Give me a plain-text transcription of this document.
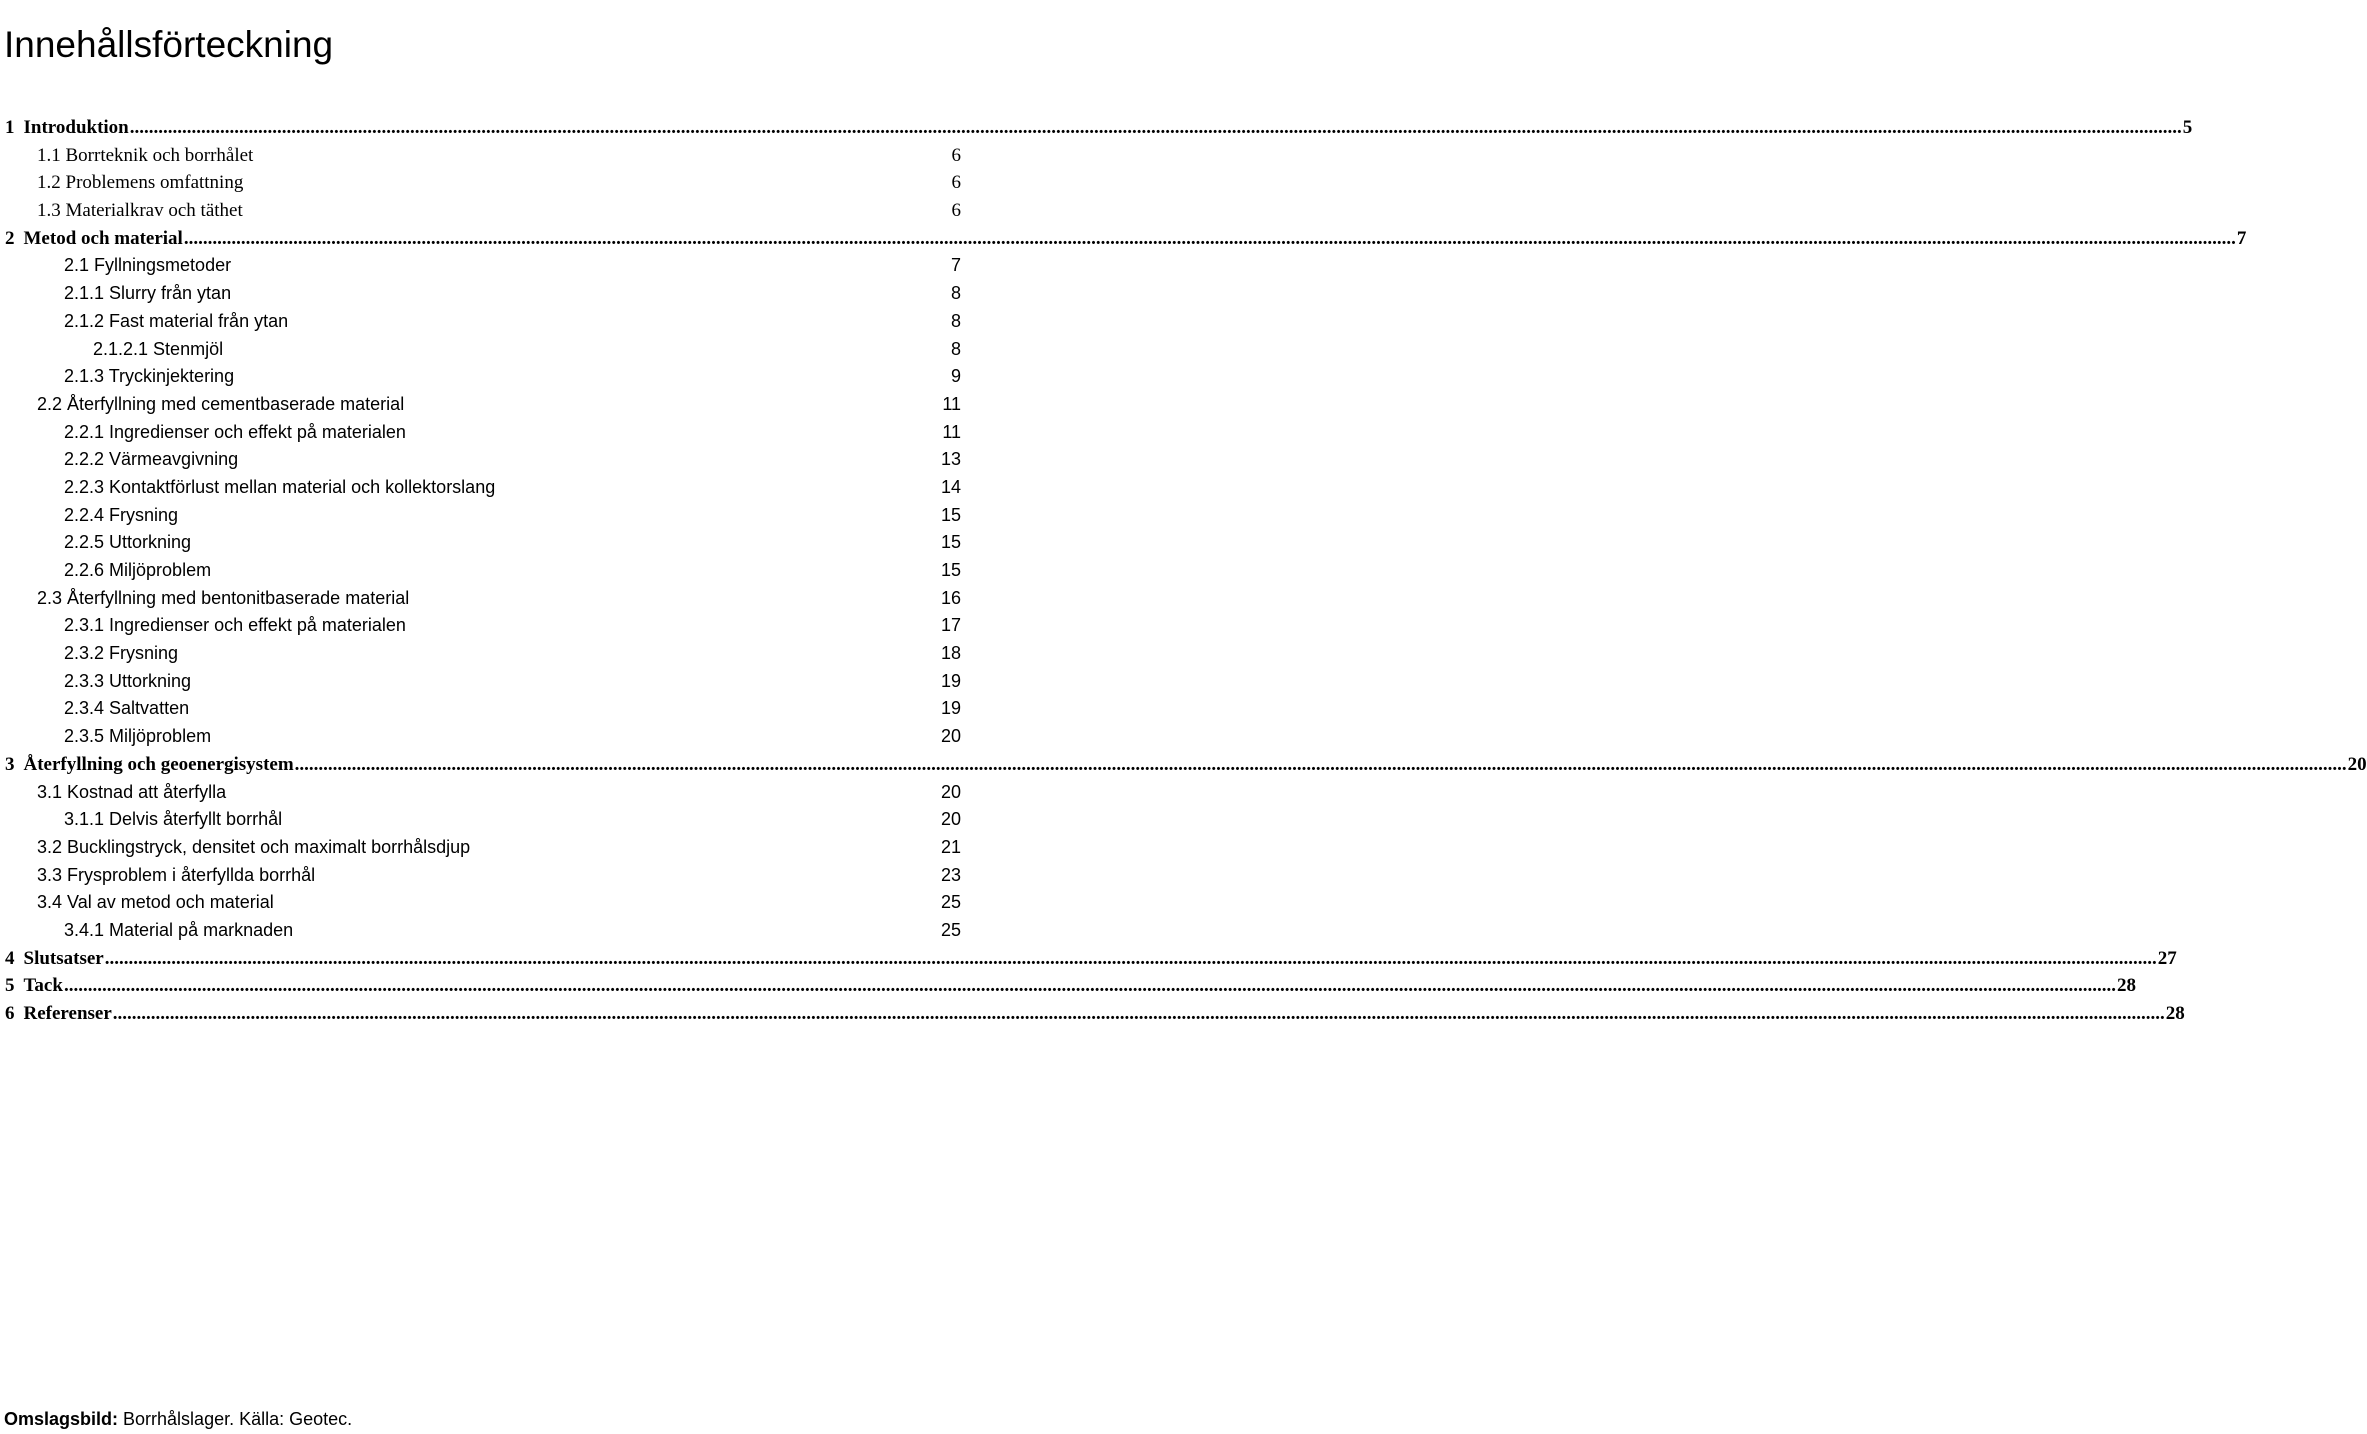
Innehållsförteckning
1 Introduktion .....	5
1.1 Borrteknik och borrhålet	6
1.2 Problemens omfattning	6
1.3 Materialkrav och täthet	6
2 Metod och material .....	7
2.1 Fyllningsmetoder	7
2.1.1 Slurry från ytan	8
2.1.2 Fast material från ytan	8
2.1.2.1 Stenmjöl	8
2.1.3 Tryckinjektering	9
2.2 Återfyllning med cementbaserade material	11
2.2.1 Ingredienser och effekt på materialen	11
2.2.2 Värmeavgivning	13
2.2.3 Kontaktförlust mellan material och kollektorslang	14
2.2.4 Frysning	15
2.2.5 Uttorkning	15
2.2.6 Miljöproblem	15
2.3 Återfyllning med bentonitbaserade material	16
2.3.1 Ingredienser och effekt på materialen	17
2.3.2 Frysning	18
2.3.3 Uttorkning	19
2.3.4 Saltvatten	19
2.3.5 Miljöproblem	20
3 Återfyllning och geoenergisystem .....	20
3.1 Kostnad att återfylla	20
3.1.1 Delvis återfyllt borrhål	20
3.2 Bucklingstryck, densitet och maximalt borrhålsdjup	21
3.3 Frysproblem i återfyllda borrhål	23
3.4 Val av metod och material	25
3.4.1 Material på marknaden	25
4 Slutsatser .....	27
5 Tack .....	28
6 Referenser .....	28
Omslagsbild: Borrhålslager. Källa: Geotec.
